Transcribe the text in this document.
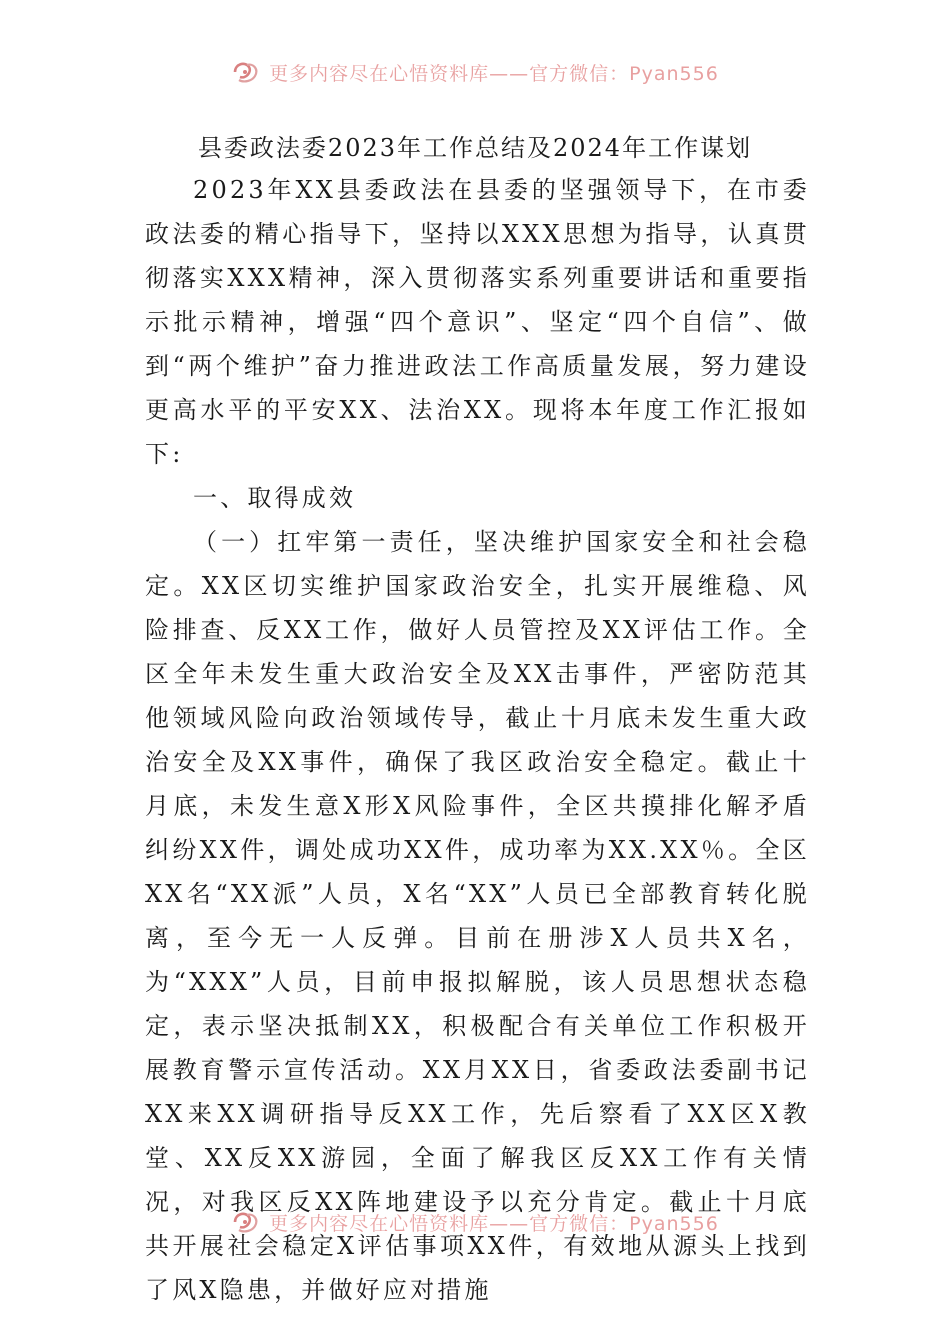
更多内容尽在心悟资料库——官方微信：Pyan556
县委政法委2023年工作总结及2024年工作谋划

2023年XX县委政法在县委的坚强领导下，在市委政法委的精心指导下，坚持以XXX思想为指导，认真贯彻落实XXX精神，深入贯彻落实系列重要讲话和重要指示批示精神，增强“四个意识”、坚定“四个自信”、做到“两个维护”奋力推进政法工作高质量发展，努力建设更高水平的平安XX、法治XX。现将本年度工作汇报如下:

一、取得成效

（一）扛牢第一责任，坚决维护国家安全和社会稳定。XX区切实维护国家政治安全，扎实开展维稳、风险排查、反XX工作，做好人员管控及XX评估工作。全区全年未发生重大政治安全及XX击事件，严密防范其他领域风险向政治领域传导，截止十月底未发生重大政治安全及XX事件，确保了我区政治安全稳定。截止十月底，未发生意X形X风险事件，全区共摸排化解矛盾纠纷XX件，调处成功XX件，成功率为XX.XX％。全区XX名“XX派”人员，X名“XX”人员已全部教育转化脱离，至今无一人反弹。目前在册涉X人员共X名，为“XXX”人员，目前申报拟解脱，该人员思想状态稳定，表示坚决抵制XX，积极配合有关单位工作积极开展教育警示宣传活动。XX月XX日，省委政法委副书记XX来XX调研指导反XX工作，先后察看了XX区X教堂、XX反XX游园，全面了解我区反XX工作有关情况，对我区反XX阵地建设予以充分肯定。截止十月底共开展社会稳定X评估事项XX件，有效地从源头上找到了风X隐患，并做好应对措施

更多内容尽在心悟资料库——官方微信：Pyan556
